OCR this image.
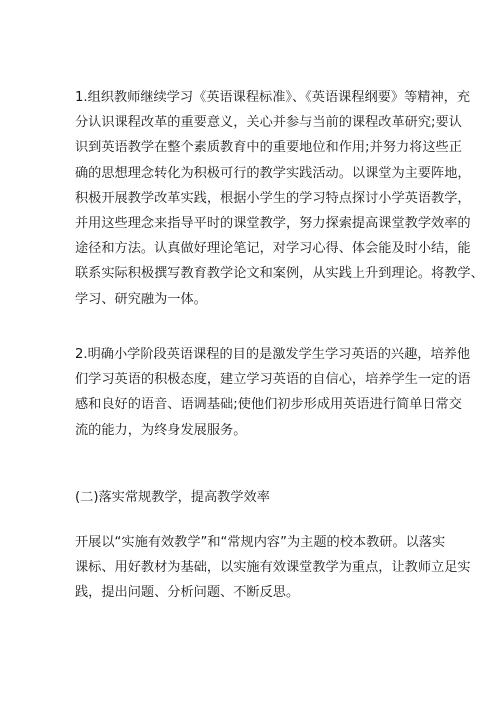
1.组织教师继续学习《英语课程标准》、《英语课程纲要》等精神，充
分认识课程改革的重要意义，关心并参与当前的课程改革研究;要认
识到英语教学在整个素质教育中的重要地位和作用;并努力将这些正
确的思想理念转化为积极可行的教学实践活动。以课堂为主要阵地，
积极开展教学改革实践，根据小学生的学习特点探讨小学英语教学，
并用这些理念来指导平时的课堂教学，努力探索提高课堂教学效率的
途径和方法。认真做好理论笔记，对学习心得、体会能及时小结，能
联系实际积极撰写教育教学论文和案例，从实践上升到理论。将教学、
学习、研究融为一体。
2.明确小学阶段英语课程的目的是激发学生学习英语的兴趣，培养他
们学习英语的积极态度，建立学习英语的自信心，培养学生一定的语
感和良好的语音、语调基础;使他们初步形成用英语进行简单日常交
流的能力，为终身发展服务。
(二)落实常规教学，提高教学效率
开展以“实施有效教学”和“常规内容”为主题的校本教研。以落实
课标、用好教材为基础，以实施有效课堂教学为重点，让教师立足实
践，提出问题、分析问题、不断反思。
